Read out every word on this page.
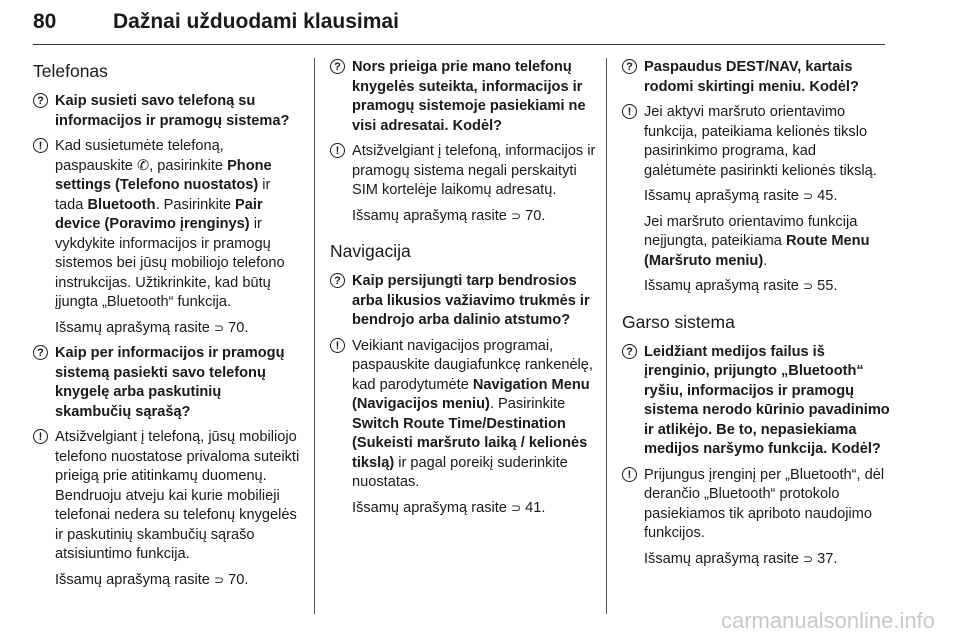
80	Dažnai užduodami klausimai
Telefonas
? Kaip susieti savo telefoną su informacijos ir pramogų sistema?
! Kad susietumėte telefoną, paspauskite ✆, pasirinkite Phone settings (Telefono nuostatos) ir tada Bluetooth. Pasirinkite Pair device (Poravimo įrenginys) ir vykdykite informacijos ir pramogų sistemos bei jūsų mobiliojo telefono instrukcijas. Užtikrinkite, kad būtų įjungta „Bluetooth“ funkcija.
Išsamų aprašymą rasite ⊃ 70.
? Kaip per informacijos ir pramogų sistemą pasiekti savo telefonų knygelę arba paskutinių skambučių sąrašą?
! Atsižvelgiant į telefoną, jūsų mobiliojo telefono nuostatose privaloma suteikti prieigą prie atitinkamų duomenų. Bendruoju atveju kai kurie mobilieji telefonai nedera su telefonų knygelės ir paskutinių skambučių sąrašo atsisiuntimo funkcija.
Išsamų aprašymą rasite ⊃ 70.
? Nors prieiga prie mano telefonų knygelės suteikta, informacijos ir pramogų sistemoje pasiekiami ne visi adresatai. Kodėl?
! Atsižvelgiant į telefoną, informacijos ir pramogų sistema negali perskaityti SIM kortelėje laikomų adresatų.
Išsamų aprašymą rasite ⊃ 70.
Navigacija
? Kaip persijungti tarp bendrosios arba likusios važiavimo trukmės ir bendrojo arba dalinio atstumo?
! Veikiant navigacijos programai, paspauskite daugiafunkcę rankenėlę, kad parodytumėte Navigation Menu (Navigacijos meniu). Pasirinkite Switch Route Time/Destination (Sukeisti maršruto laiką / kelionės tikslą) ir pagal poreikį suderinkite nuostatas.
Išsamų aprašymą rasite ⊃ 41.
? Paspaudus DEST/NAV, kartais rodomi skirtingi meniu. Kodėl?
! Jei aktyvi maršruto orientavimo funkcija, pateikiama kelionės tikslo pasirinkimo programa, kad galėtumėte pasirinkti kelionės tikslą.
Išsamų aprašymą rasite ⊃ 45.
Jei maršruto orientavimo funkcija neįjungta, pateikiama Route Menu (Maršruto meniu).
Išsamų aprašymą rasite ⊃ 55.
Garso sistema
? Leidžiant medijos failus iš įrenginio, prijungto „Bluetooth“ ryšiu, informacijos ir pramogų sistema nerodo kūrinio pavadinimo ir atlikėjo. Be to, nepasiekiama medijos naršymo funkcija. Kodėl?
! Prijungus įrenginį per „Bluetooth“, dėl derančio „Bluetooth“ protokolo pasiekiamos tik apriboto naudojimo funkcijos.
Išsamų aprašymą rasite ⊃ 37.
carmanualsonline.info
